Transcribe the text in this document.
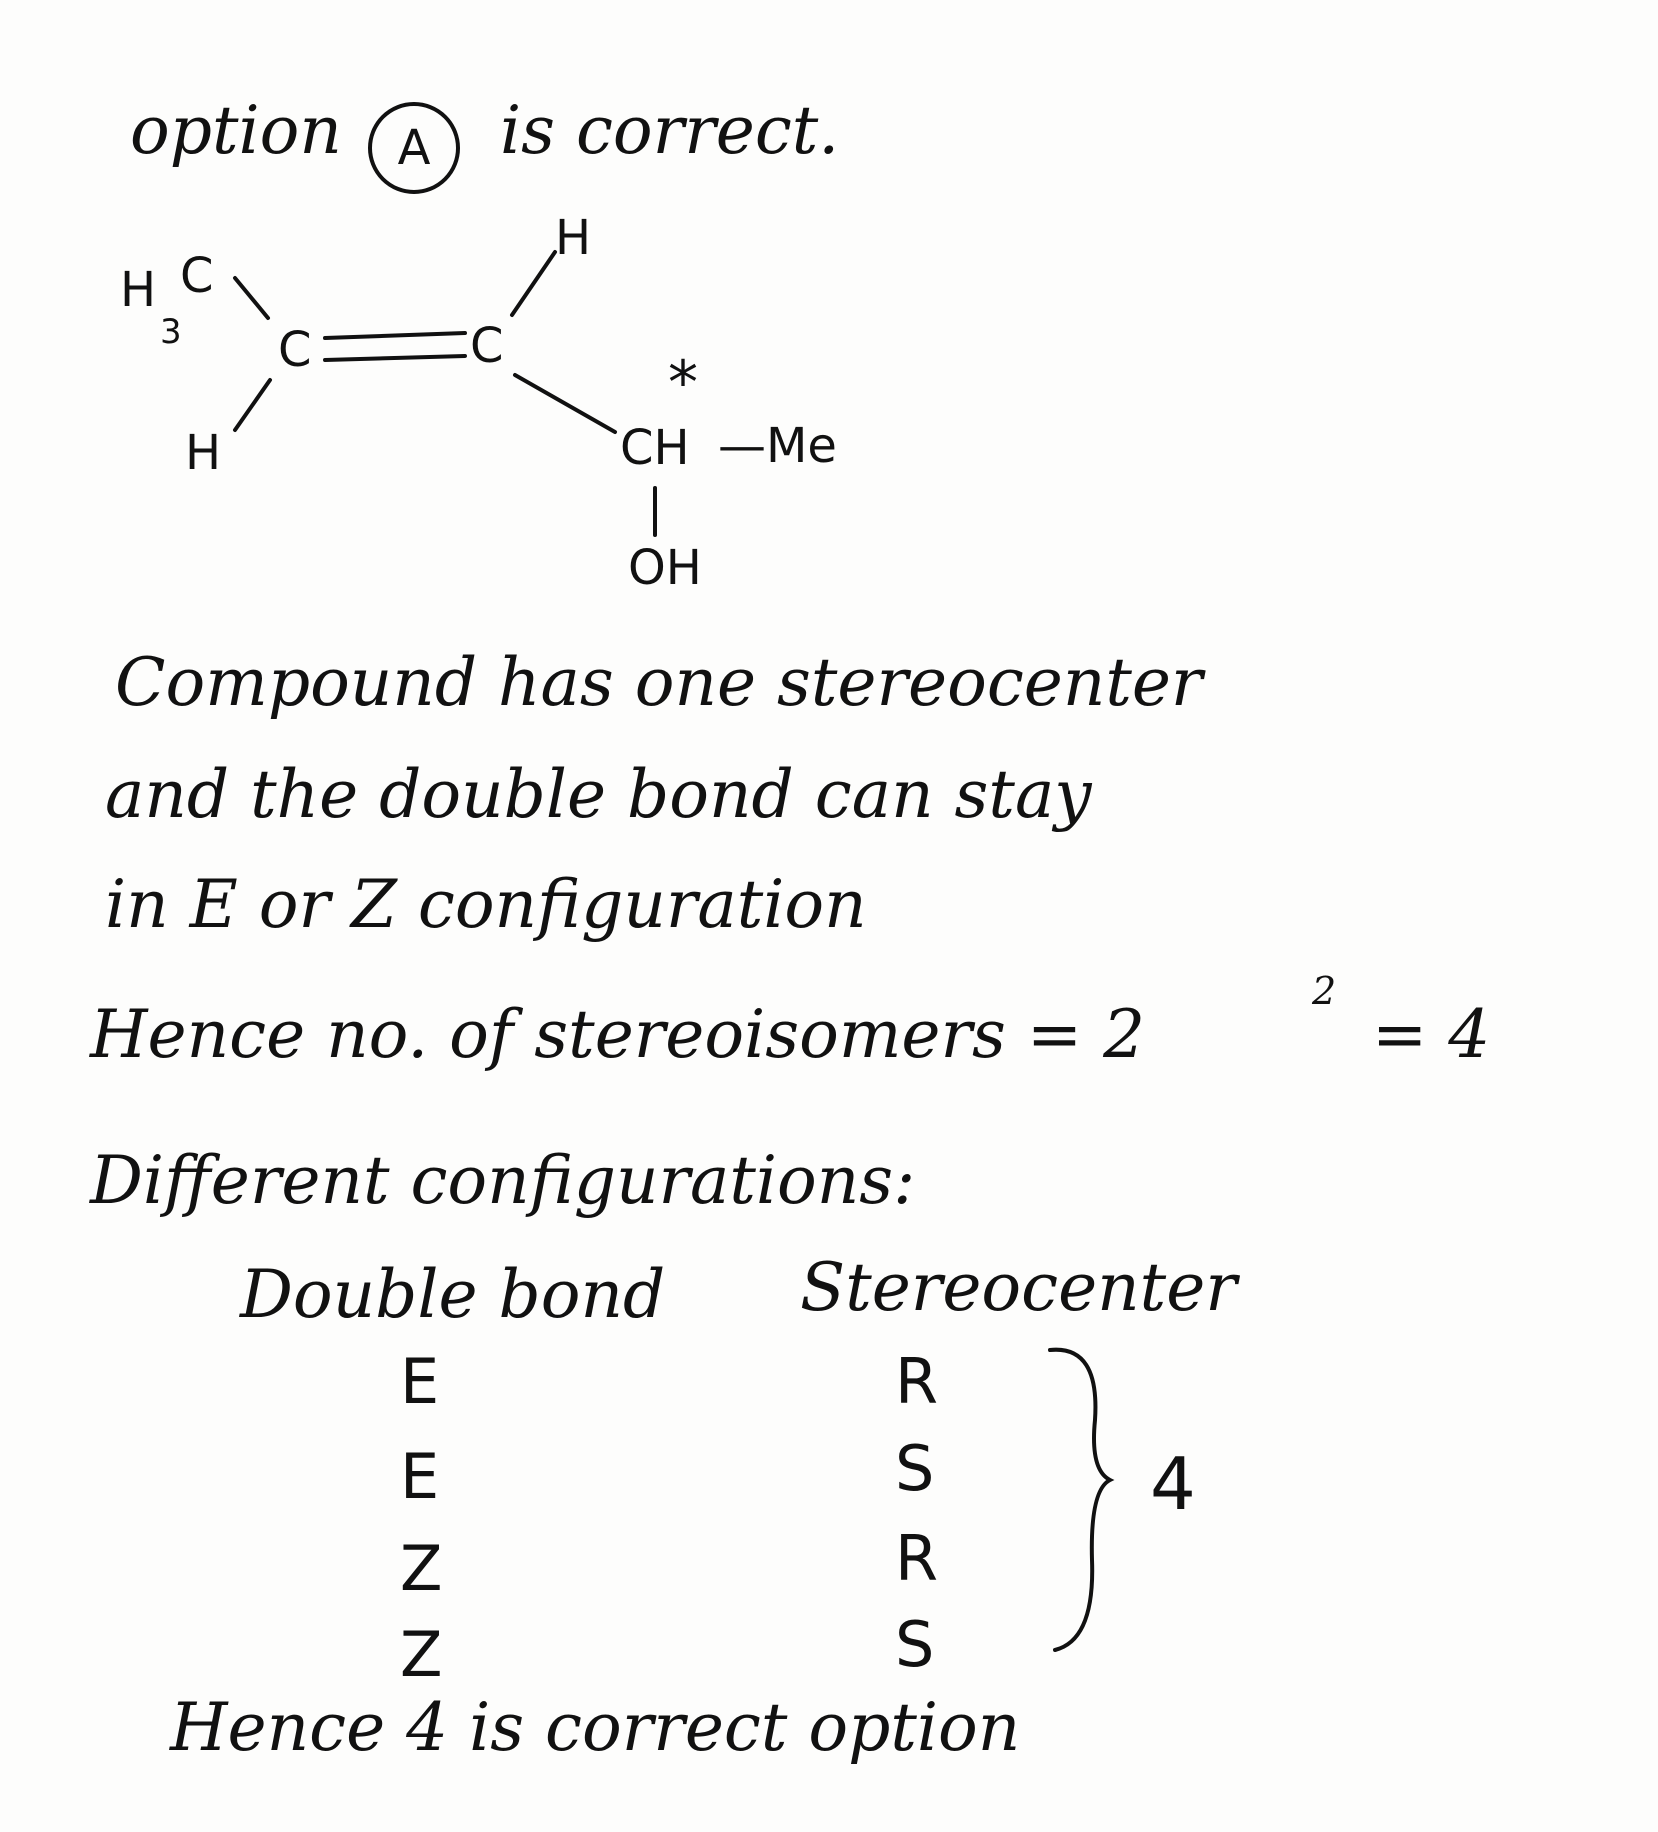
option A is correct.
H
3
C
C	C
H
H
*
CH —Me
OH
Compound has one stereocenter
and the double bond can stay
in E or Z configuration
Hence no. of stereoisomers = 2
2
= 4
Different configurations:
Double bond Stereocenter
E
E
Z
Z
R
S
R
S
4
Hence 4 is correct option
